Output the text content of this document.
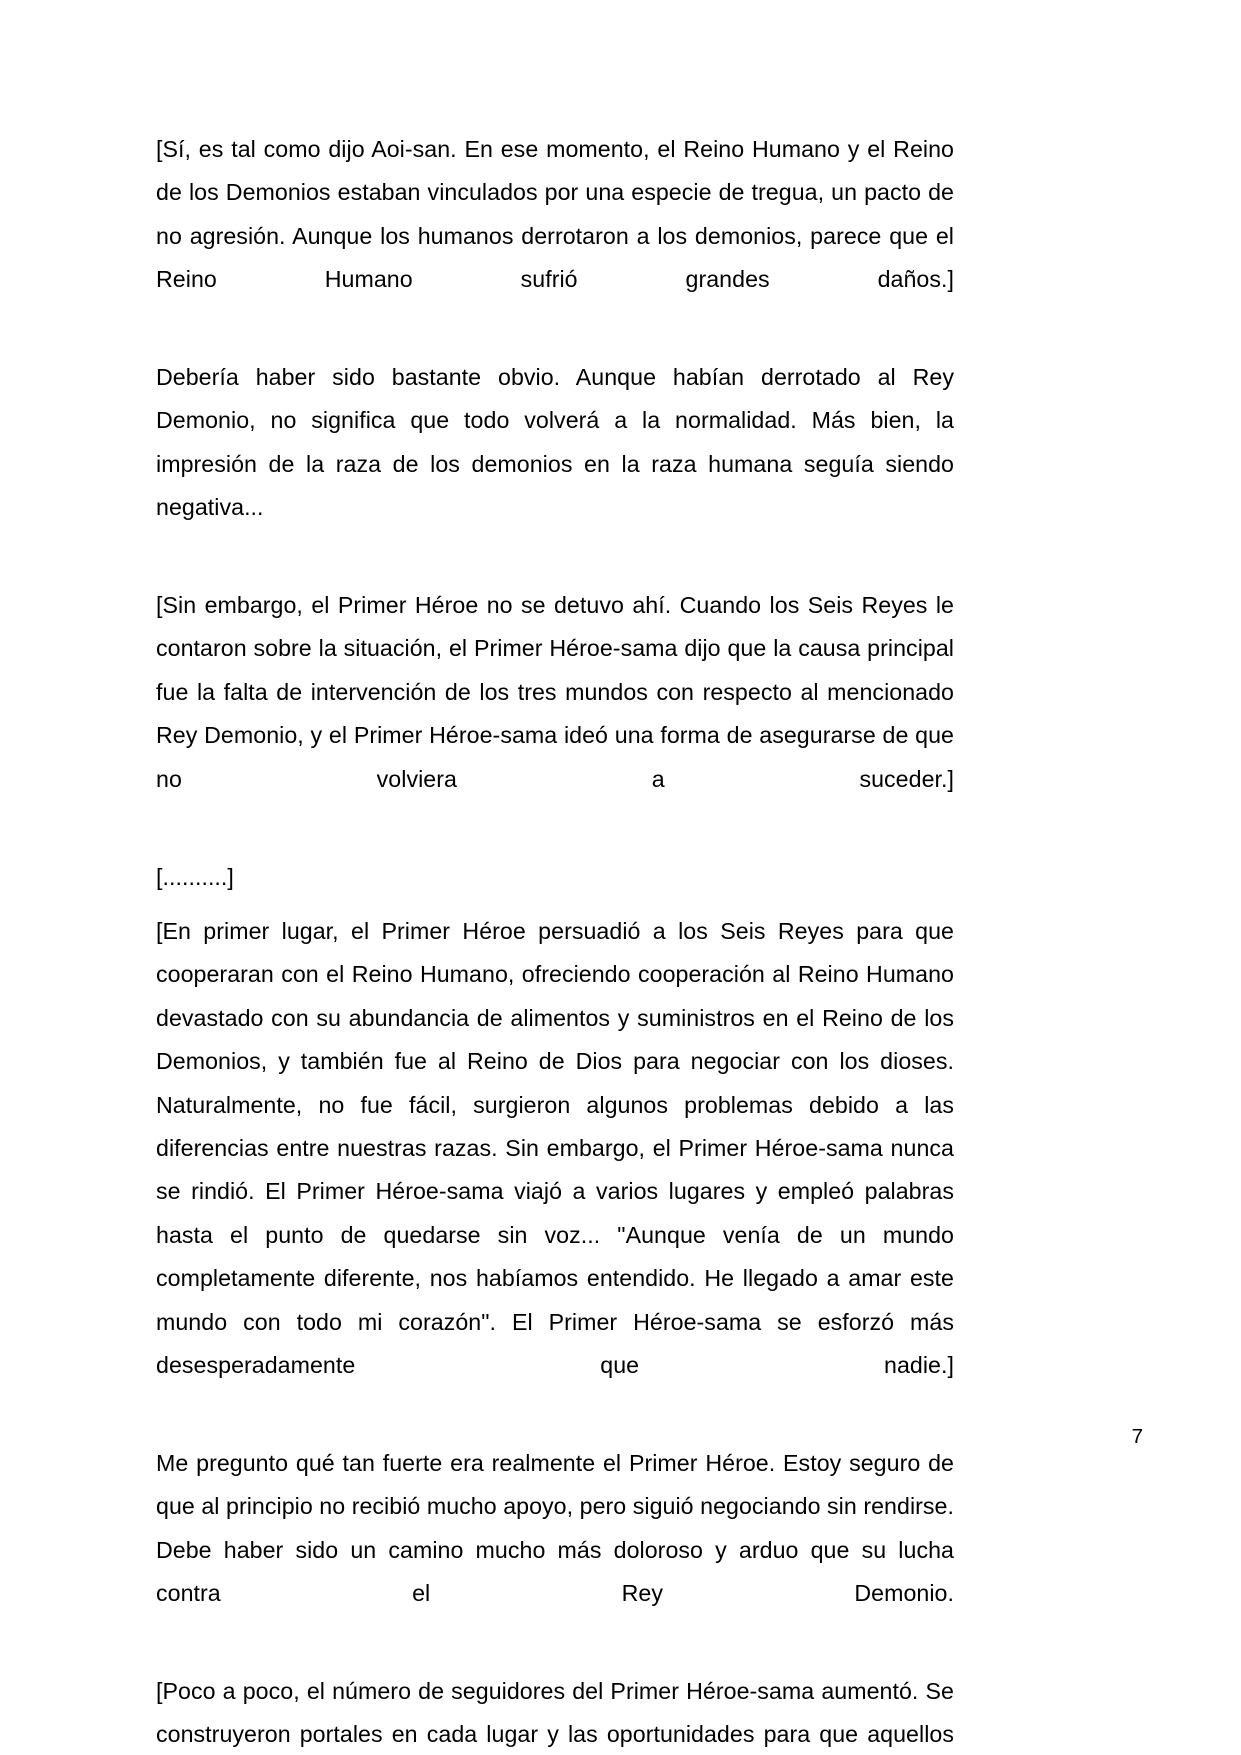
[Sí, es tal como dijo Aoi-san. En ese momento, el Reino Humano y el Reino de los Demonios estaban vinculados por una especie de tregua, un pacto de no agresión. Aunque los humanos derrotaron a los demonios, parece que el Reino Humano sufrió grandes daños.]

Debería haber sido bastante obvio. Aunque habían derrotado al Rey Demonio, no significa que todo volverá a la normalidad. Más bien, la impresión de la raza de los demonios en la raza humana seguía siendo negativa...

[Sin embargo, el Primer Héroe no se detuvo ahí. Cuando los Seis Reyes le contaron sobre la situación, el Primer Héroe-sama dijo que la causa principal fue la falta de intervención de los tres mundos con respecto al mencionado Rey Demonio, y el Primer Héroe-sama ideó una forma de asegurarse de que no volviera a suceder.]

[..........]

[En primer lugar, el Primer Héroe persuadió a los Seis Reyes para que cooperaran con el Reino Humano, ofreciendo cooperación al Reino Humano devastado con su abundancia de alimentos y suministros en el Reino de los Demonios, y también fue al Reino de Dios para negociar con los dioses. Naturalmente, no fue fácil, surgieron algunos problemas debido a las diferencias entre nuestras razas. Sin embargo, el Primer Héroe-sama nunca se rindió. El Primer Héroe-sama viajó a varios lugares y empleó palabras hasta el punto de quedarse sin voz... "Aunque venía de un mundo completamente diferente, nos habíamos entendido. He llegado a amar este mundo con todo mi corazón". El Primer Héroe-sama se esforzó más desesperadamente que nadie.]

Me pregunto qué tan fuerte era realmente el Primer Héroe. Estoy seguro de que al principio no recibió mucho apoyo, pero siguió negociando sin rendirse. Debe haber sido un camino mucho más doloroso y arduo que su lucha contra el Rey Demonio.

[Poco a poco, el número de seguidores del Primer Héroe-sama aumentó. Se construyeron portales en cada lugar y las oportunidades para que aquellos

7
